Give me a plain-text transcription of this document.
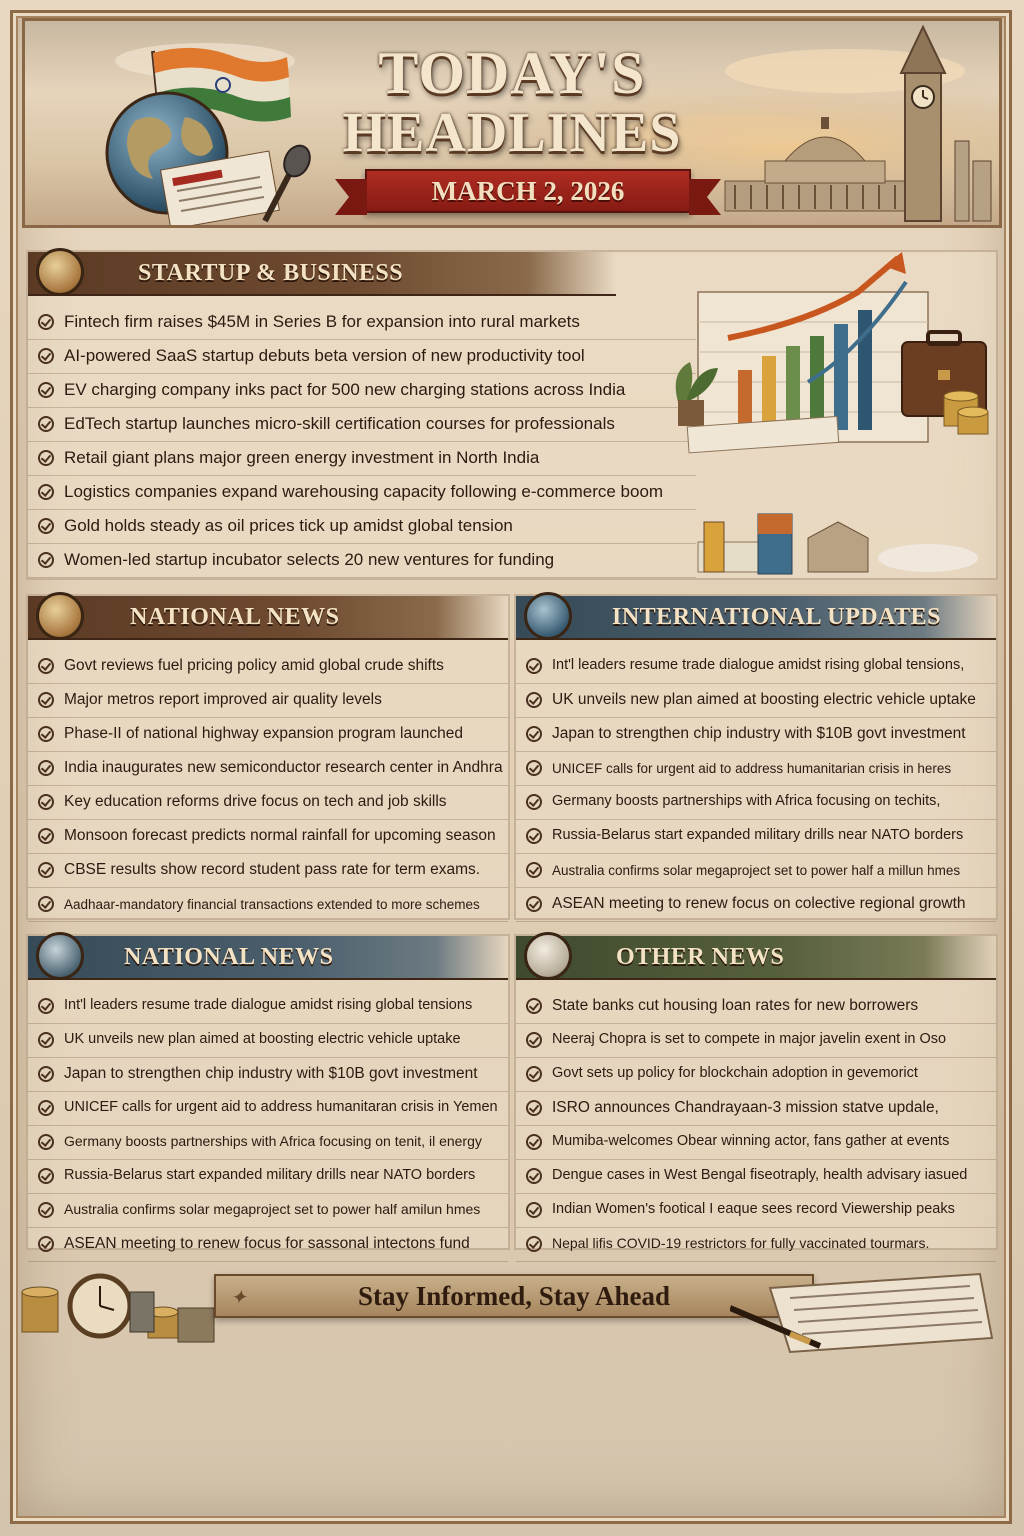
TODAY'S
HEADLINES
MARCH 2, 2026
STARTUP & BUSINESS
Fintech firm raises $45M in Series B for expansion into rural markets
AI-powered SaaS startup debuts beta version of new productivity tool
EV charging company inks pact for 500 new charging stations across India
EdTech startup launches micro-skill certification courses for professionals
Retail giant plans major green energy investment in North India
Logistics companies expand warehousing capacity following e-commerce boom
Gold holds steady as oil prices tick up amidst global tension
Women-led startup incubator selects 20 new ventures for funding
NATIONAL NEWS
Govt reviews fuel pricing policy amid global crude shifts
Major metros report improved air quality levels
Phase-II of national highway expansion program launched
India inaugurates new semiconductor research center in Andhra
Key education reforms drive focus on tech and job skills
Monsoon forecast predicts normal rainfall for upcoming season
CBSE results show record student pass rate for term exams.
Aadhaar-mandatory financial transactions extended to more schemes
INTERNATIONAL UPDATES
Int'l leaders resume trade dialogue amidst rising global tensions,
UK unveils new plan aimed at boosting electric vehicle uptake
Japan to strengthen chip industry with $10B govt investment
UNICEF calls for urgent aid to address humanitarian crisis in heres
Germany boosts partnerships with Africa focusing on techits,
Russia-Belarus start expanded military drills near NATO borders
Australia confirms solar megaproject set to power half a millun hmes
ASEAN meeting to renew focus on colective regional growth
NATIONAL NEWS
Int'l leaders resume trade dialogue amidst rising global tensions
UK unveils new plan aimed at boosting electric vehicle uptake
Japan to strengthen chip industry with $10B govt investment
UNICEF calls for urgent aid to address humanitaran crisis in Yemen
Germany boosts partnerships with Africa focusing on tenit, il energy
Russia-Belarus start expanded military drills near NATO borders
Australia confirms solar megaproject set to power half amilun hmes
ASEAN meeting to renew focus for sassonal intectons fund
OTHER NEWS
State banks cut housing loan rates for new borrowers
Neeraj Chopra is set to compete in major javelin exent in Oso
Govt sets up policy for blockchain adoption in gevemorict
ISRO announces Chandrayaan-3 mission statve updale,
Mumiba-welcomes Obear winning actor, fans gather at events
Dengue cases in West Bengal fiseotraply, health advisary iasued
Indian Women's footical I eaque sees record Viewership peaks
Nepal lifis COVID-19 restrictors for fully vaccinated tourmars.
✦	Stay Informed, Stay Ahead
